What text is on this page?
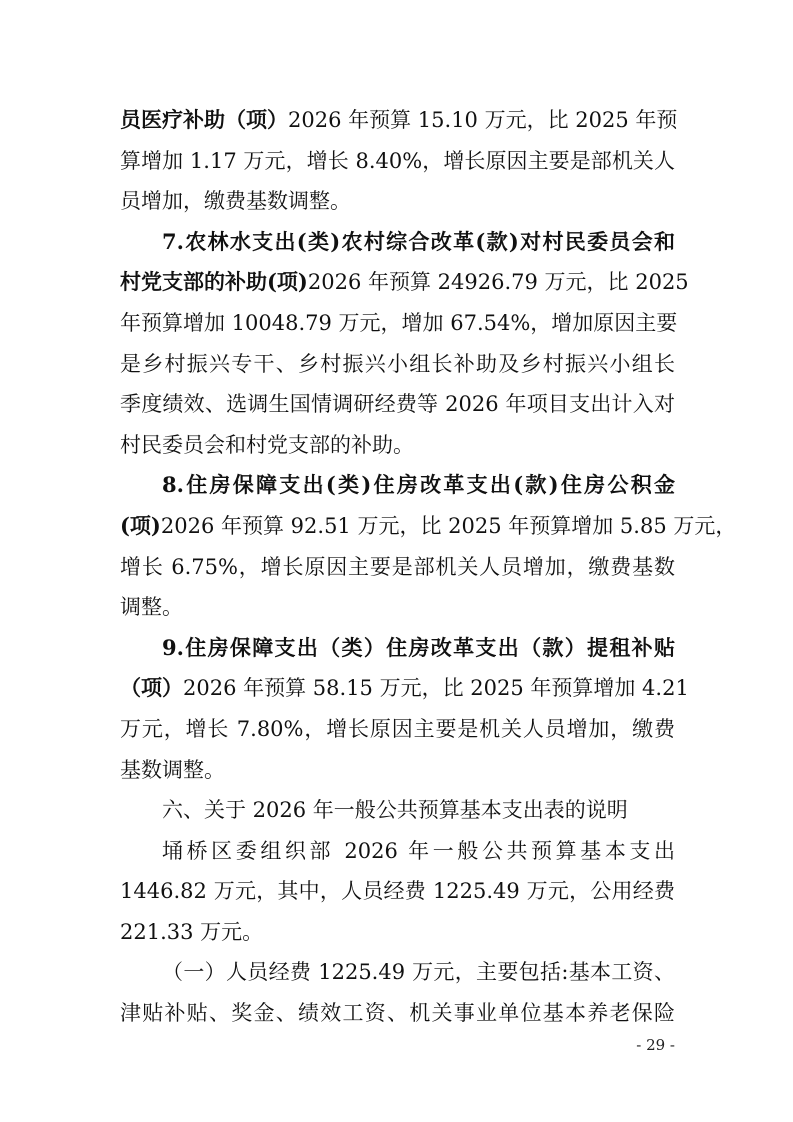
员医疗补助（项）2026 年预算 15.10 万元，比 2025 年预
算增加 1.17 万元，增长 8.40%，增长原因主要是部机关人
员增加，缴费基数调整。
7.农林水支出(类)农村综合改革(款)对村民委员会和
村党支部的补助(项)2026 年预算 24926.79 万元，比 2025
年预算增加 10048.79 万元，增加 67.54%，增加原因主要
是乡村振兴专干、乡村振兴小组长补助及乡村振兴小组长
季度绩效、选调生国情调研经费等 2026 年项目支出计入对
村民委员会和村党支部的补助。
8.住房保障支出(类)住房改革支出(款)住房公积金
(项)2026 年预算 92.51 万元，比 2025 年预算增加 5.85 万元，
增长 6.75%，增长原因主要是部机关人员增加，缴费基数
调整。
9.住房保障支出（类）住房改革支出（款）提租补贴
（项）2026 年预算 58.15 万元，比 2025 年预算增加 4.21
万元，增长 7.80%，增长原因主要是机关人员增加，缴费
基数调整。
六、关于 2026 年一般公共预算基本支出表的说明
埇桥区委组织部 2026 年一般公共预算基本支出
1446.82 万元，其中，人员经费 1225.49 万元，公用经费
221.33 万元。
（一）人员经费 1225.49 万元，主要包括:基本工资、
津贴补贴、奖金、绩效工资、机关事业单位基本养老保险
- 29 -
